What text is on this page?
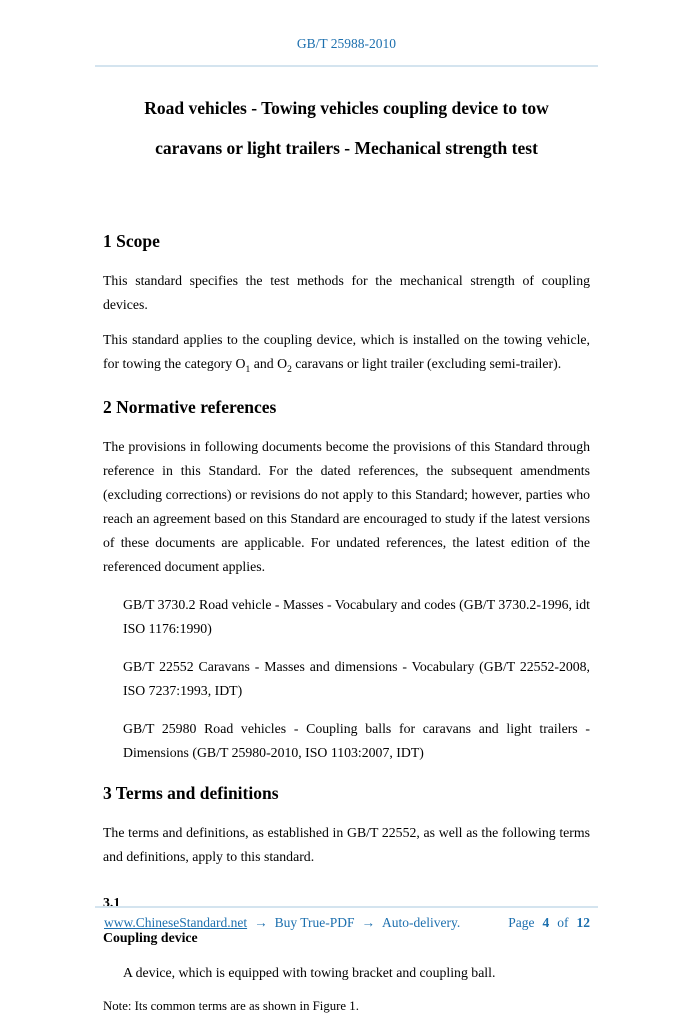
GB/T 25988-2010
Road vehicles - Towing vehicles coupling device to tow
caravans or light trailers - Mechanical strength test
1 Scope

This standard specifies the test methods for the mechanical strength of coupling devices.

This standard applies to the coupling device, which is installed on the towing vehicle, for towing the category $O_1$ and $O_2$ caravans or light trailer (excluding semi-trailer).

2 Normative references

The provisions in following documents become the provisions of this Standard through reference in this Standard. For the dated references, the subsequent amendments (excluding corrections) or revisions do not apply to this Standard; however, parties who reach an agreement based on this Standard are encouraged to study if the latest versions of these documents are applicable. For undated references, the latest edition of the referenced document applies.

GB/T 3730.2 Road vehicle - Masses - Vocabulary and codes (GB/T 3730.2-1996, idt ISO 1176:1990)

GB/T 22552 Caravans - Masses and dimensions - Vocabulary (GB/T 22552-2008, ISO 7237:1993, IDT)

GB/T 25980 Road vehicles - Coupling balls for caravans and light trailers - Dimensions (GB/T 25980-2010, ISO 1103:2007, IDT)

3 Terms and definitions

The terms and definitions, as established in GB/T 22552, as well as the following terms and definitions, apply to this standard.

3.1

Coupling device

A device, which is equipped with towing bracket and coupling ball.

Note: Its common terms are as shown in Figure 1.

www.ChineseStandard.net → Buy True-PDF → Auto-delivery.	Page 4 of 12
